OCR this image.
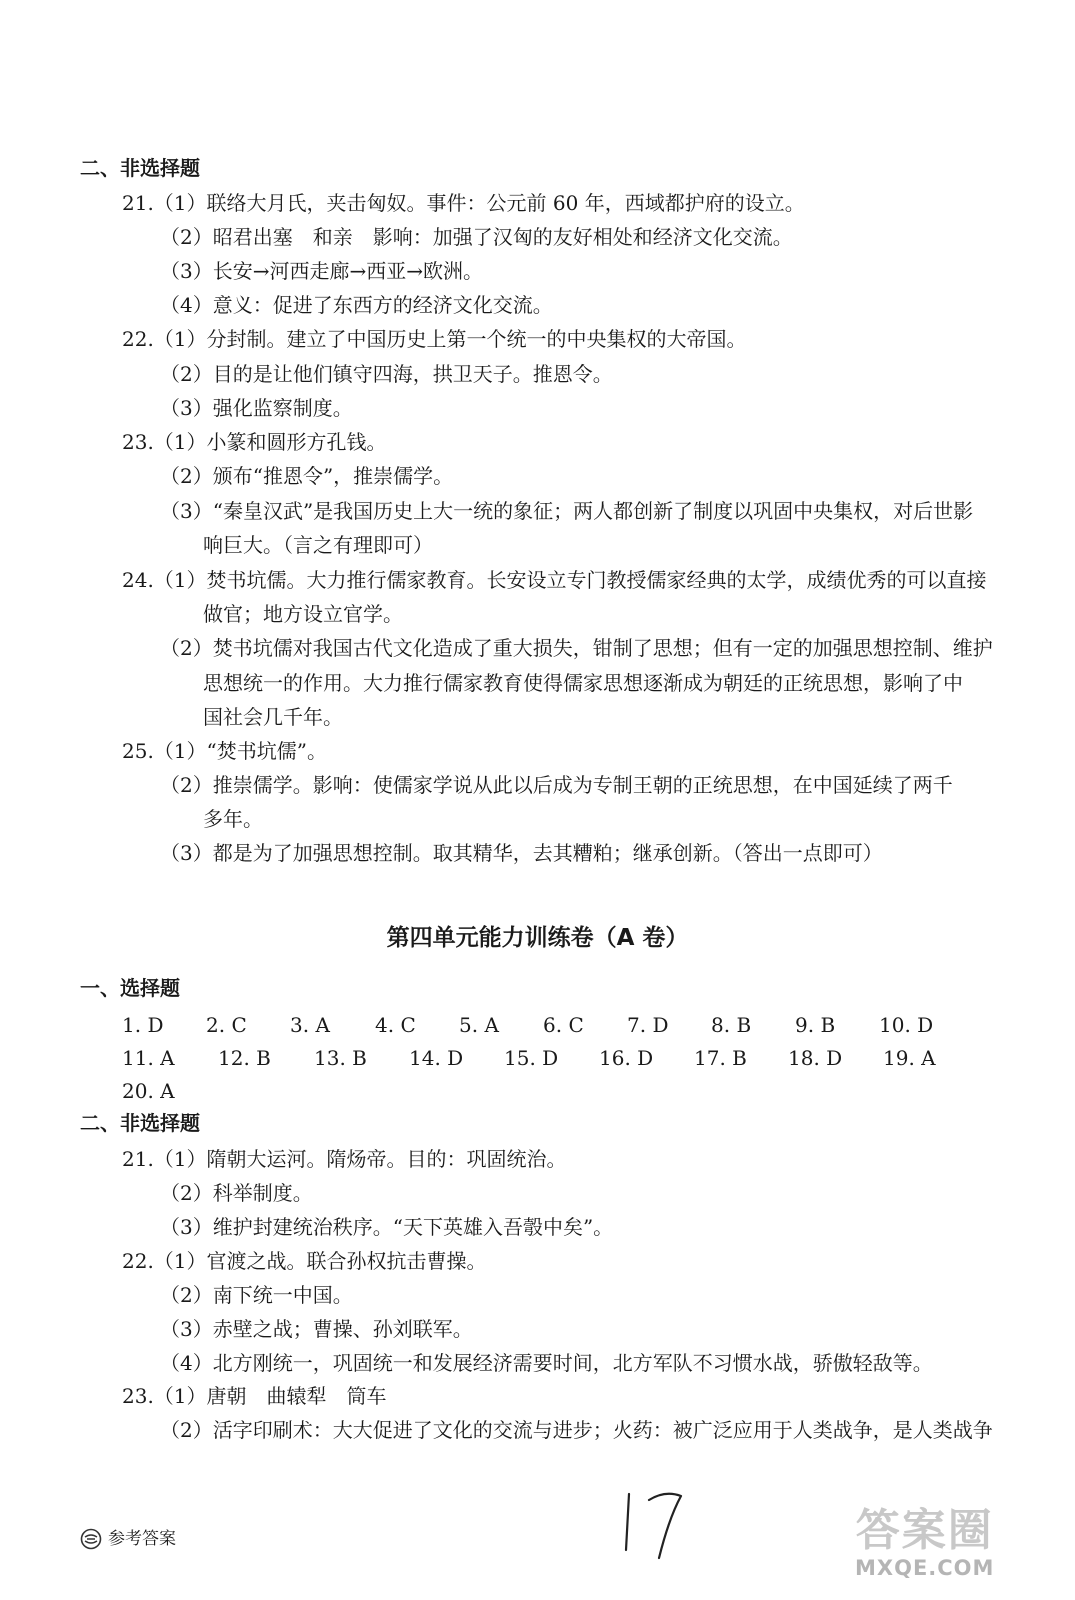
二、非选择题
21.（1）联络大月氏，夹击匈奴。事件：公元前 60 年，西域都护府的设立。
（2）昭君出塞　和亲　影响：加强了汉匈的友好相处和经济文化交流。
（3）长安→河西走廊→西亚→欧洲。
（4）意义：促进了东西方的经济文化交流。
22.（1）分封制。建立了中国历史上第一个统一的中央集权的大帝国。
（2）目的是让他们镇守四海，拱卫天子。推恩令。
（3）强化监察制度。
23.（1）小篆和圆形方孔钱。
（2）颁布“推恩令”，推崇儒学。
（3）“秦皇汉武”是我国历史上大一统的象征；两人都创新了制度以巩固中央集权，对后世影
响巨大。（言之有理即可）
24.（1）焚书坑儒。大力推行儒家教育。长安设立专门教授儒家经典的太学，成绩优秀的可以直接
做官；地方设立官学。
（2）焚书坑儒对我国古代文化造成了重大损失，钳制了思想；但有一定的加强思想控制、维护
思想统一的作用。大力推行儒家教育使得儒家思想逐渐成为朝廷的正统思想，影响了中
国社会几千年。
25.（1）“焚书坑儒”。
（2）推崇儒学。影响：使儒家学说从此以后成为专制王朝的正统思想，在中国延续了两千
多年。
（3）都是为了加强思想控制。取其精华，去其糟粕；继承创新。（答出一点即可）
第四单元能力训练卷（A 卷）
一、选择题
1. D 2. C 3. A 4. C 5. A 6. C 7. D 8. B 9. B 10. D
11. A 12. B 13. B 14. D 15. D 16. D 17. B 18. D 19. A
20. A
二、非选择题
21.（1）隋朝大运河。隋炀帝。目的：巩固统治。
（2）科举制度。
（3）维护封建统治秩序。“天下英雄入吾彀中矣”。
22.（1）官渡之战。联合孙权抗击曹操。
（2）南下统一中国。
（3）赤壁之战；曹操、孙刘联军。
（4）北方刚统一，巩固统一和发展经济需要时间，北方军队不习惯水战，骄傲轻敌等。
23.（1）唐朝　曲辕犁　筒车
（2）活字印刷术：大大促进了文化的交流与进步；火药：被广泛应用于人类战争，是人类战争
参考答案	答案圈
MXQE.COM
